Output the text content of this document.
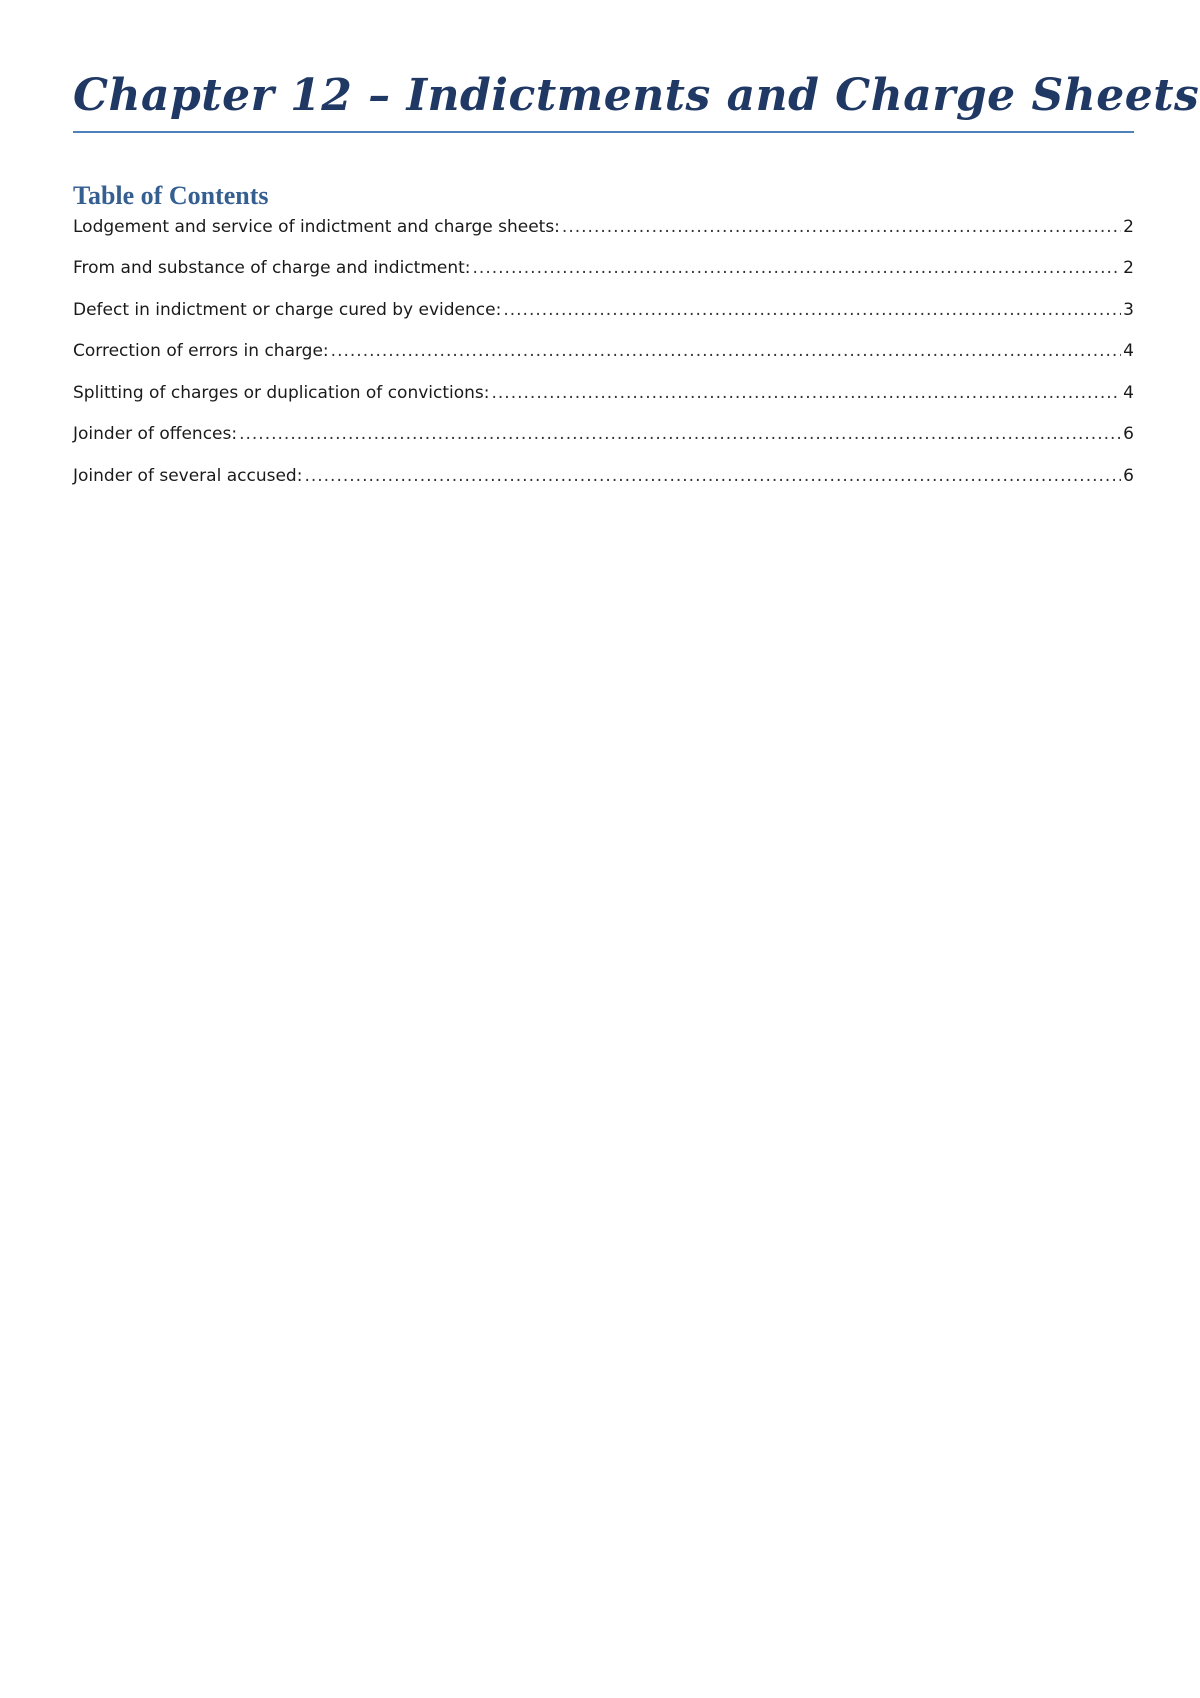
Chapter 12 – Indictments and Charge Sheets
Table of Contents
Lodgement and service of indictment and charge sheets: .....	2
From and substance of charge and indictment: .....	2
Defect in indictment or charge cured by evidence: .....	3
Correction of errors in charge: .....	4
Splitting of charges or duplication of convictions: .....	4
Joinder of offences: .....	6
Joinder of several accused: .....	6
